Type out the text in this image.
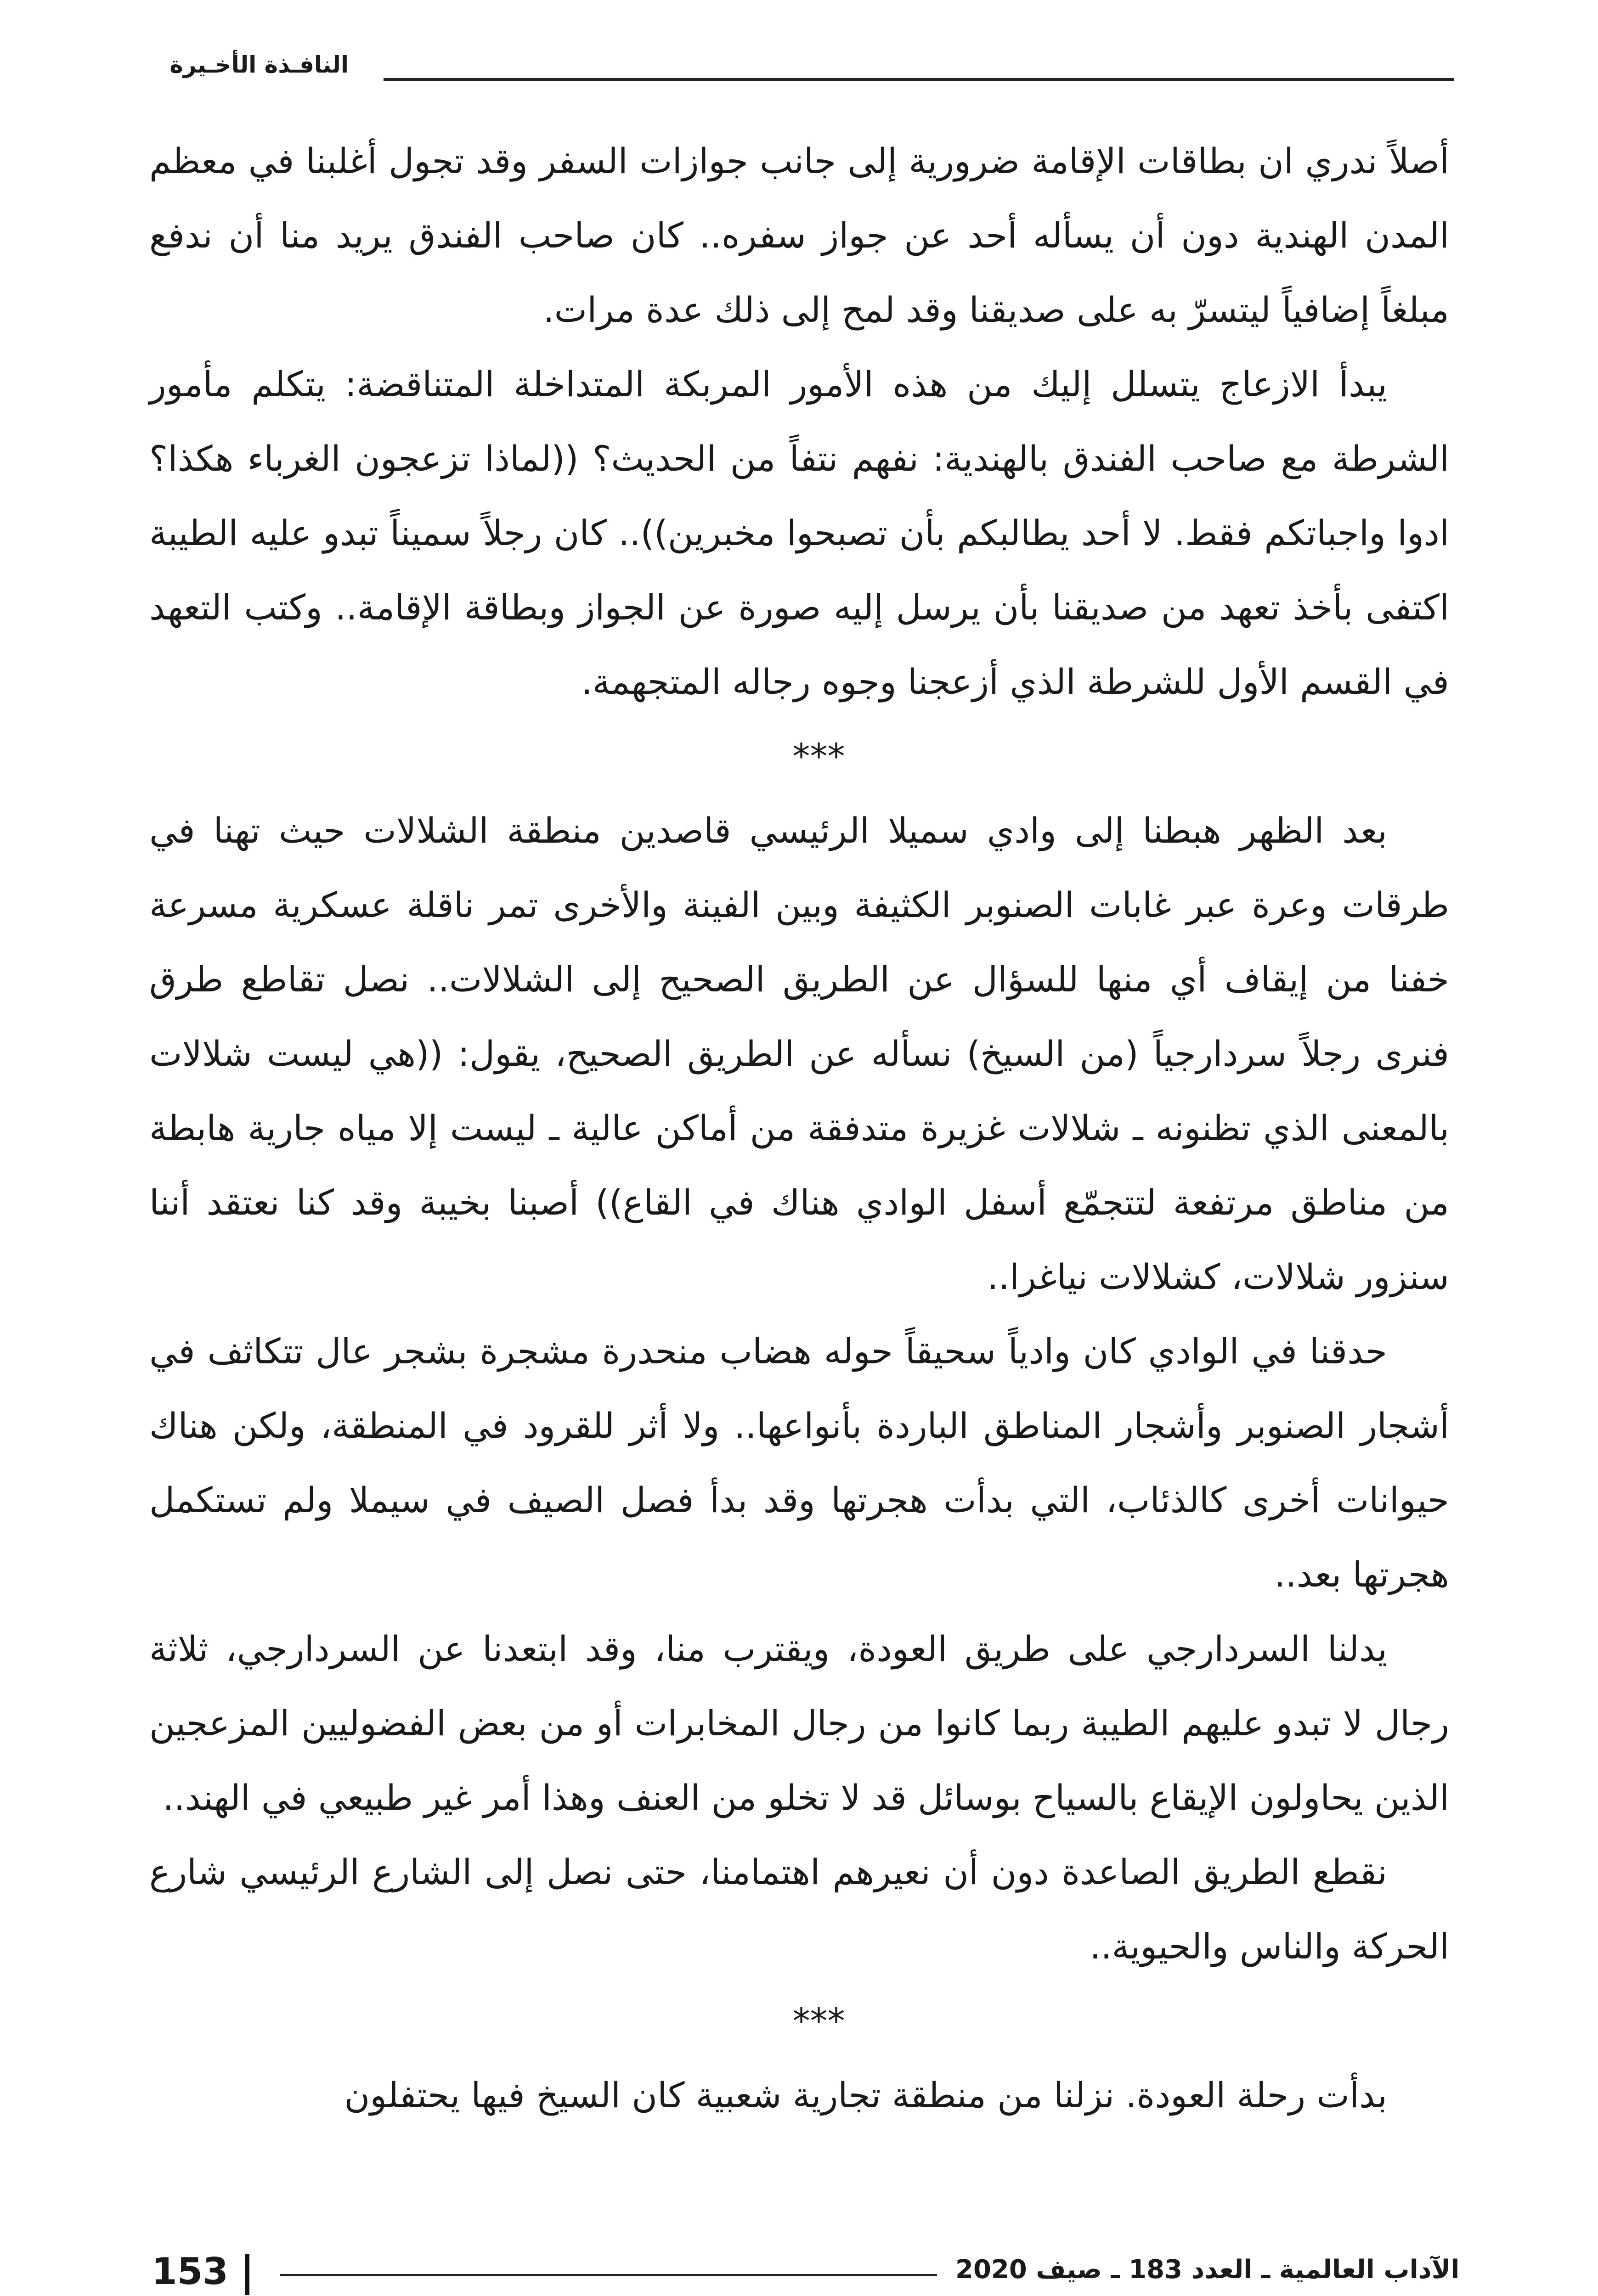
النافـذة الأخـيرة

أصلاً ندري ان بطاقات الإقامة ضرورية إلى جانب جوازات السفر وقد تجول أغلبنا في معظم المدن الهندية دون أن يسأله أحد عن جواز سفره.. كان صاحب الفندق يريد منا أن ندفع مبلغاً إضافياً ليتسرّ به على صديقنا وقد لمح إلى ذلك عدة مرات.

يبدأ الازعاج يتسلل إليك من هذه الأمور المربكة المتداخلة المتناقضة: يتكلم مأمور الشرطة مع صاحب الفندق بالهندية: نفهم نتفاً من الحديث؟ ((لماذا تزعجون الغرباء هكذا؟ ادوا واجباتكم فقط. لا أحد يطالبكم بأن تصبحوا مخبرين)).. كان رجلاً سميناً تبدو عليه الطيبة اكتفى بأخذ تعهد من صديقنا بأن يرسل إليه صورة عن الجواز وبطاقة الإقامة.. وكتب التعهد في القسم الأول للشرطة الذي أزعجنا وجوه رجاله المتجهمة.

***

بعد الظهر هبطنا إلى وادي سميلا الرئيسي قاصدين منطقة الشلالات حيث تهنا في طرقات وعرة عبر غابات الصنوبر الكثيفة وبين الفينة والأخرى تمر ناقلة عسكرية مسرعة خفنا من إيقاف أي منها للسؤال عن الطريق الصحيح إلى الشلالات.. نصل تقاطع طرق فنرى رجلاً سردارجياً (من السيخ) نسأله عن الطريق الصحيح، يقول: ((هي ليست شلالات بالمعنى الذي تظنونه ـ شلالات غزيرة متدفقة من أماكن عالية ـ ليست إلا مياه جارية هابطة من مناطق مرتفعة لتتجمّع أسفل الوادي هناك في القاع)) أصبنا بخيبة وقد كنا نعتقد أننا سنزور شلالات، كشلالات نياغرا..

حدقنا في الوادي كان وادياً سحيقاً حوله هضاب منحدرة مشجرة بشجر عال تتكاثف في أشجار الصنوبر وأشجار المناطق الباردة بأنواعها.. ولا أثر للقرود في المنطقة، ولكن هناك حيوانات أخرى كالذئاب، التي بدأت هجرتها وقد بدأ فصل الصيف في سيملا ولم تستكمل هجرتها بعد..

يدلنا السردارجي على طريق العودة، ويقترب منا، وقد ابتعدنا عن السردارجي، ثلاثة رجال لا تبدو عليهم الطيبة ربما كانوا من رجال المخابرات أو من بعض الفضوليين المزعجين الذين يحاولون الإيقاع بالسياح بوسائل قد لا تخلو من العنف وهذا أمر غير طبيعي في الهند..

نقطع الطريق الصاعدة دون أن نعيرهم اهتمامنا، حتى نصل إلى الشارع الرئيسي شارع الحركة والناس والحيوية..

***

بدأت رحلة العودة. نزلنا من منطقة تجارية شعبية كان السيخ فيها يحتفلون

153	الآداب العالمية ـ العدد 183 ـ صيف 2020
